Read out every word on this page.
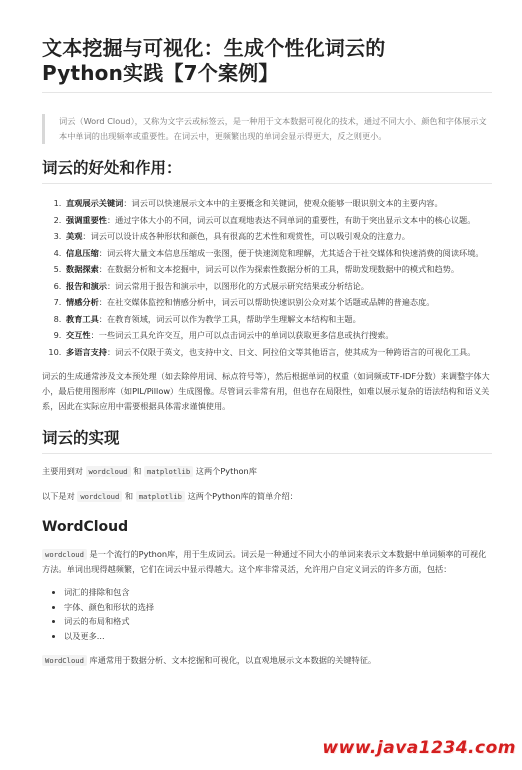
文本挖掘与可视化：生成个性化词云的
Python实践【7个案例】
词云（Word Cloud），又称为文字云或标签云，是一种用于文本数据可视化的技术，通过不同大小、颜色和字体展示文本中单词的出现频率或重要性。在词云中，更频繁出现的单词会显示得更大，反之则更小。
词云的好处和作用：
1. 直观展示关键词：词云可以快速展示文本中的主要概念和关键词，使观众能够一眼识别文本的主要内容。
2. 强调重要性：通过字体大小的不同，词云可以直观地表达不同单词的重要性，有助于突出显示文本中的核心议题。
3. 美观：词云可以设计成各种形状和颜色，具有很高的艺术性和观赏性，可以吸引观众的注意力。
4. 信息压缩：词云将大量文本信息压缩成一张图，便于快速浏览和理解，尤其适合于社交媒体和快速消费的阅读环境。
5. 数据探索：在数据分析和文本挖掘中，词云可以作为探索性数据分析的工具，帮助发现数据中的模式和趋势。
6. 报告和演示：词云常用于报告和演示中，以图形化的方式展示研究结果或分析结论。
7. 情感分析：在社交媒体监控和情感分析中，词云可以帮助快速识别公众对某个话题或品牌的普遍态度。
8. 教育工具：在教育领域，词云可以作为教学工具，帮助学生理解文本结构和主题。
9. 交互性：一些词云工具允许交互，用户可以点击词云中的单词以获取更多信息或执行搜索。
10. 多语言支持：词云不仅限于英文，也支持中文、日文、阿拉伯文等其他语言，使其成为一种跨语言的可视化工具。

词云的生成通常涉及文本预处理（如去除停用词、标点符号等），然后根据单词的权重（如词频或TF-IDF分数）来调整字体大小，最后使用图形库（如PIL/Pillow）生成图像。尽管词云非常有用，但也存在局限性，如难以展示复杂的语法结构和语义关系，因此在实际应用中需要根据具体需求谨慎使用。

词云的实现

主要用到对 wordcloud 和 matplotlib 这两个Python库

以下是对 wordcloud 和 matplotlib 这两个Python库的简单介绍：

WordCloud

wordcloud 是一个流行的Python库，用于生成词云。词云是一种通过不同大小的单词来表示文本数据中单词频率的可视化方法。单词出现得越频繁，它们在词云中显示得越大。这个库非常灵活，允许用户自定义词云的许多方面，包括：

• 词汇的排除和包含
• 字体、颜色和形状的选择
• 词云的布局和格式
• 以及更多...

WordCloud 库通常用于数据分析、文本挖掘和可视化，以直观地展示文本数据的关键特征。

www.java1234.com
